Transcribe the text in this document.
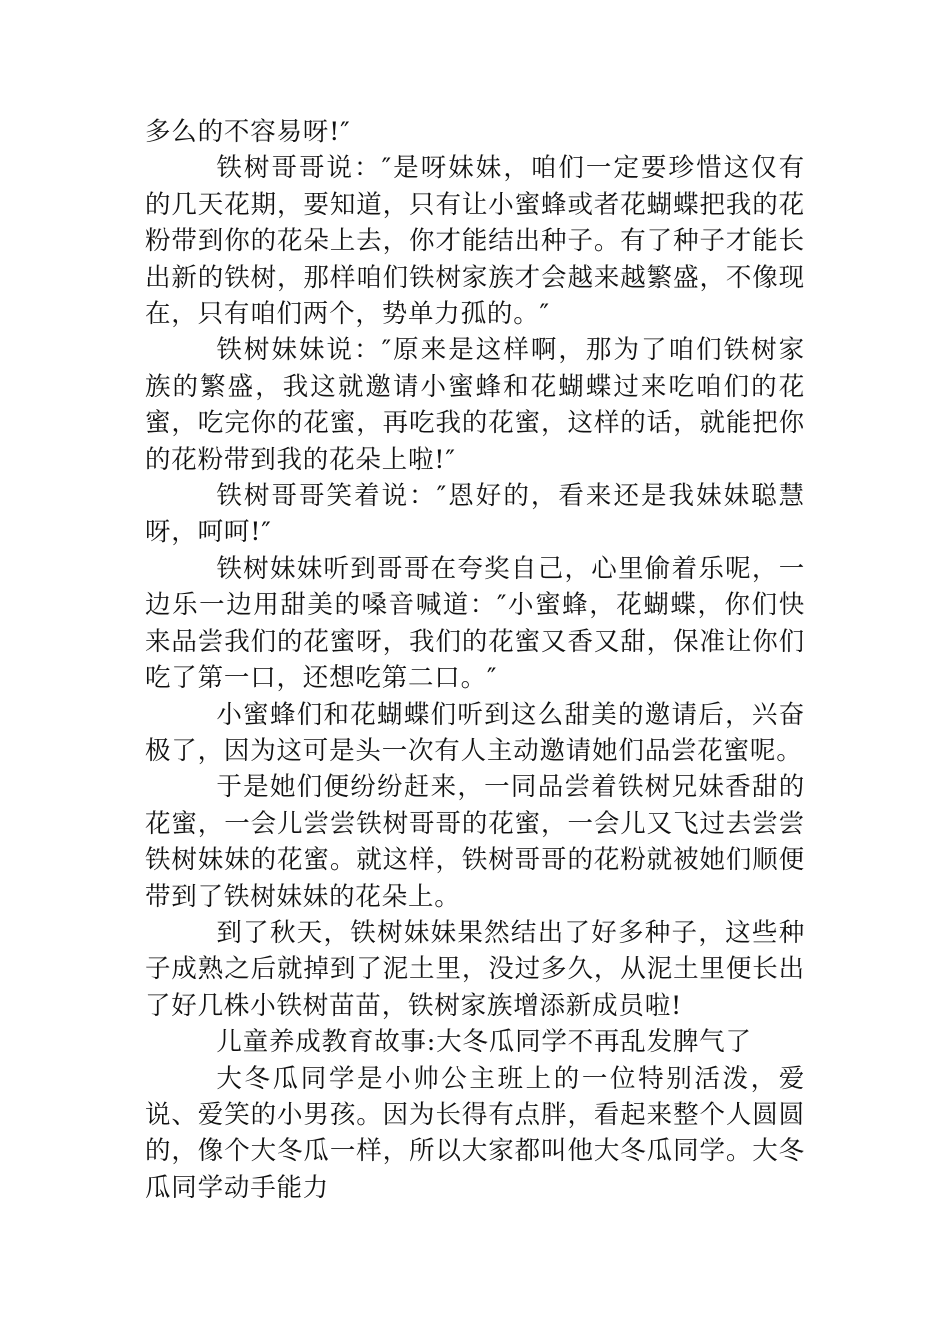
多么的不容易呀!″

铁树哥哥说：″是呀妹妹，咱们一定要珍惜这仅有的几天花期，要知道，只有让小蜜蜂或者花蝴蝶把我的花粉带到你的花朵上去，你才能结出种子。有了种子才能长出新的铁树，那样咱们铁树家族才会越来越繁盛，不像现在，只有咱们两个，势单力孤的。″

铁树妹妹说：″原来是这样啊，那为了咱们铁树家族的繁盛，我这就邀请小蜜蜂和花蝴蝶过来吃咱们的花蜜，吃完你的花蜜，再吃我的花蜜，这样的话，就能把你的花粉带到我的花朵上啦!″

铁树哥哥笑着说：″恩好的，看来还是我妹妹聪慧呀，呵呵!″

铁树妹妹听到哥哥在夸奖自己，心里偷着乐呢，一边乐一边用甜美的嗓音喊道：″小蜜蜂，花蝴蝶，你们快来品尝我们的花蜜呀，我们的花蜜又香又甜，保准让你们吃了第一口，还想吃第二口。″

小蜜蜂们和花蝴蝶们听到这么甜美的邀请后，兴奋极了，因为这可是头一次有人主动邀请她们品尝花蜜呢。

于是她们便纷纷赶来，一同品尝着铁树兄妹香甜的花蜜，一会儿尝尝铁树哥哥的花蜜，一会儿又飞过去尝尝铁树妹妹的花蜜。就这样，铁树哥哥的花粉就被她们顺便带到了铁树妹妹的花朵上。

到了秋天，铁树妹妹果然结出了好多种子，这些种子成熟之后就掉到了泥土里，没过多久，从泥土里便长出了好几株小铁树苗苗，铁树家族增添新成员啦!

儿童养成教育故事:大冬瓜同学不再乱发脾气了

大冬瓜同学是小帅公主班上的一位特别活泼，爱说、爱笑的小男孩。因为长得有点胖，看起来整个人圆圆的，像个大冬瓜一样，所以大家都叫他大冬瓜同学。大冬瓜同学动手能力
